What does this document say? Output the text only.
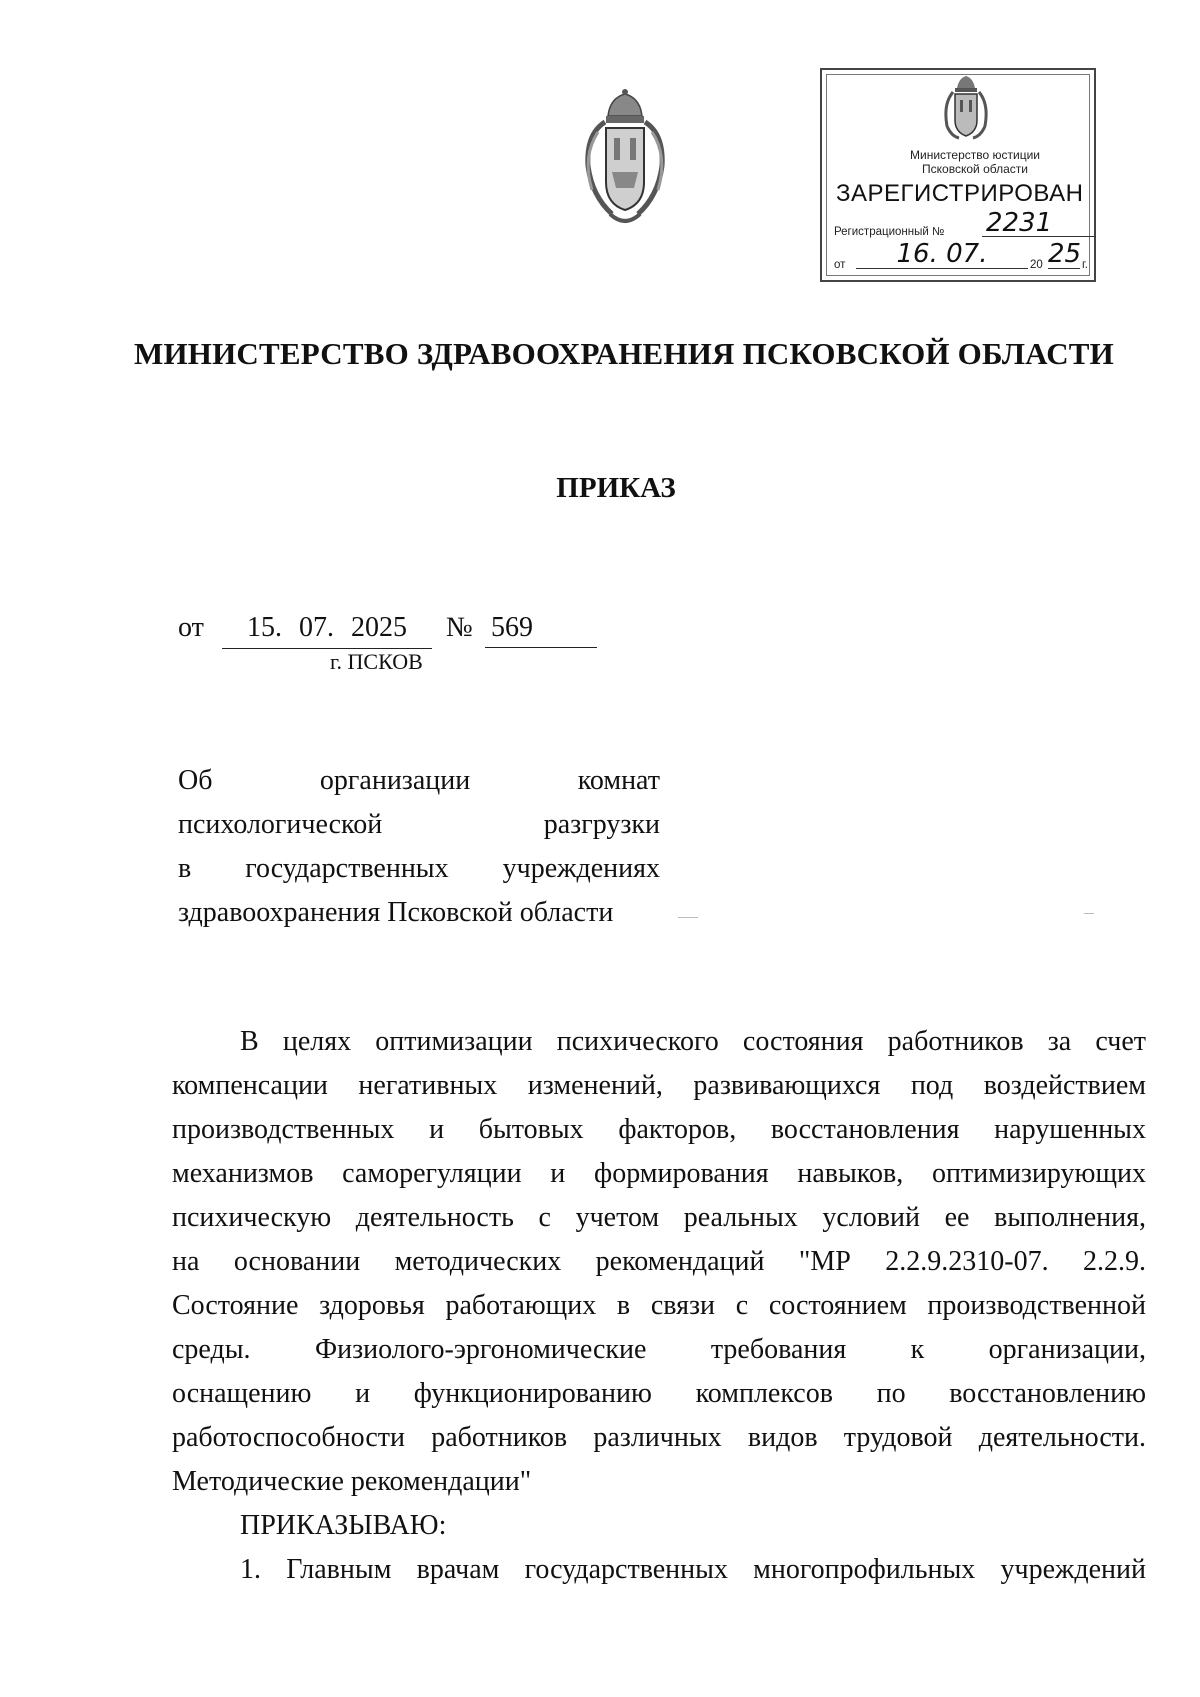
Министерство юстиции
Псковской области
ЗАРЕГИСТРИРОВАН
Регистрационный № 2231
от	16. 07.	20 25 г.
МИНИСТЕРСТВО ЗДРАВООХРАНЕНИЯ ПСКОВСКОЙ ОБЛАСТИ
ПРИКАЗ
от	15. 07. 2025	№ 569
г. ПСКОВ
Об организации комнат
психологической разгрузки
в государственных учреждениях
здравоохранения Псковской области
В целях оптимизации психического состояния работников за счет
компенсации негативных изменений, развивающихся под воздействием
производственных и бытовых факторов, восстановления нарушенных
механизмов саморегуляции и формирования навыков, оптимизирующих
психическую деятельность с учетом реальных условий ее выполнения,
на основании методических рекомендаций "МР 2.2.9.2310-07. 2.2.9.
Состояние здоровья работающих в связи с состоянием производственной
среды. Физиолого-эргономические требования к организации,
оснащению и функционированию комплексов по восстановлению
работоспособности работников различных видов трудовой деятельности.
Методические рекомендации"
ПРИКАЗЫВАЮ:
1. Главным врачам государственных многопрофильных учреждений
